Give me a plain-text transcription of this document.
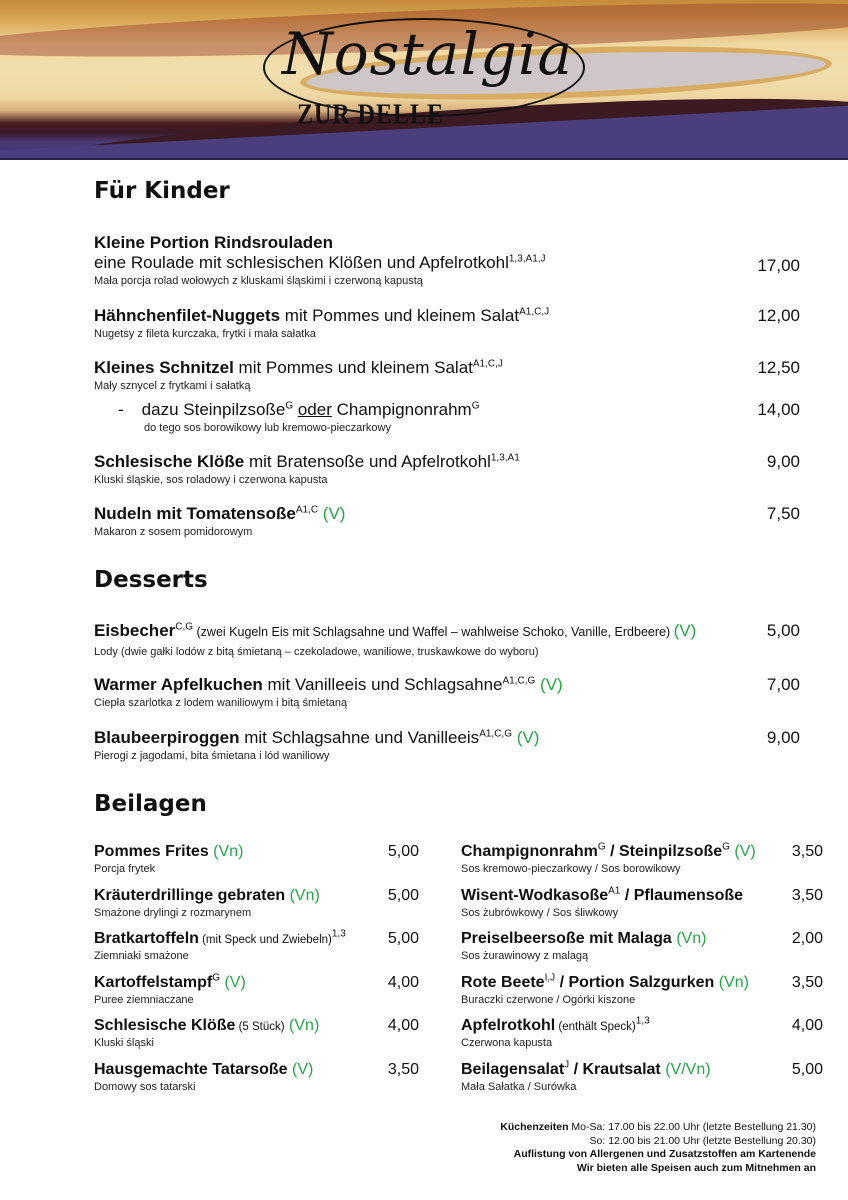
Nostalgia
ZUR DELLE
Für Kinder
Kleine Portion Rindsrouladen
eine Roulade mit schlesischen Klößen und Apfelrotkohl$^{1,3,A1,J}$
Mała porcja rolad wołowych z kluskami śląskimi i czerwoną kapustą
17,00
Hähnchenfilet-Nuggets mit Pommes und kleinem Salat$^{A1,C,J}$
Nugetsy z fileta kurczaka, frytki i mała sałatka
12,00
Kleines Schnitzel mit Pommes und kleinem Salat$^{A1,C,J}$
Mały sznycel z frytkami i sałatką
12,50
- dazu Steinpilzsoße$^G$ oder Champignonrahm$^G$
do tego sos borowikowy lub kremowo-pieczarkowy
14,00
Schlesische Klöße mit Bratensoße und Apfelrotkohl$^{1,3,A1}$
Kluski śląskie, sos roladowy i czerwona kapusta
9,00
Nudeln mit Tomatensoße$^{A1,C}$ (V)
Makaron z sosem pomidorowym
7,50
Desserts
Eisbecher$^{C,G}$ (zwei Kugeln Eis mit Schlagsahne und Waffel – wahlweise Schoko, Vanille, Erdbeere) (V)
Lody (dwie gałki lodów z bitą śmietaną – czekoladowe, waniliowe, truskawkowe do wyboru)
5,00
Warmer Apfelkuchen mit Vanilleeis und Schlagsahne$^{A1,C,G}$ (V)
Ciepła szarlotka z lodem waniliowym i bitą śmietaną
7,00
Blaubeerpiroggen mit Schlagsahne und Vanilleeis$^{A1,C,G}$ (V)
Pierogi z jagodami, bita śmietana i lód waniliowy
9,00
Beilagen
Pommes Frites (Vn)
Porcja frytek
5,00
Kräuterdrillinge gebraten (Vn)
Smażone drylingi z rozmarynem
5,00
Bratkartoffeln (mit Speck und Zwiebeln)$^{1,3}$
Ziemniaki smażone
5,00
Kartoffelstampf$^G$ (V)
Puree ziemniaczane
4,00
Schlesische Klöße (5 Stück) (Vn)
Kluski śląski
4,00
Hausgemachte Tatarsoße (V)
Domowy sos tatarski
3,50
Champignonrahm$^G$ / Steinpilzsoße$^G$ (V)
Sos kremowo-pieczarkowy / Sos borowikowy
3,50
Wisent-Wodkasoße$^{A1}$ / Pflaumensoße
Sos żubrówkowy / Sos śliwkowy
3,50
Preiselbeersoße mit Malaga (Vn)
Sos żurawinowy z malagą
2,00
Rote Beete$^{I,J}$ / Portion Salzgurken (Vn)
Buraczki czerwone / Ogórki kiszone
3,50
Apfelrotkohl (enthält Speck)$^{1,3}$
Czerwona kapusta
4,00
Beilagensalat$^J$ / Krautsalat (V/Vn)
Mała Sałatka / Surówka
5,00
Küchenzeiten Mo-Sa: 17.00 bis 22.00 Uhr (letzte Bestellung 21.30)
So: 12.00 bis 21.00 Uhr (letzte Bestellung 20.30)
Auflistung von Allergenen und Zusatzstoffen am Kartenende
Wir bieten alle Speisen auch zum Mitnehmen an
